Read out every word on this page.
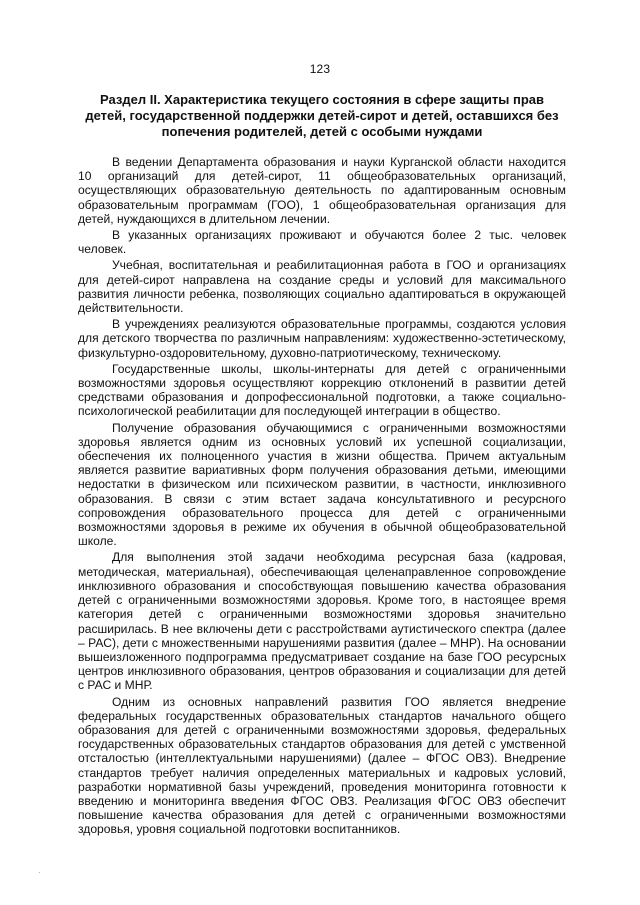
123
Раздел II. Характеристика текущего состояния в сфере защиты прав детей, государственной поддержки детей-сирот и детей, оставшихся без попечения родителей, детей с особыми нуждами

В ведении Департамента образования и науки Курганской области находится 10 организаций для детей-сирот, 11 общеобразовательных организаций, осуществляющих образовательную деятельность по адаптированным основным образовательным программам (ГОО), 1 общеобразовательная организация для детей, нуждающихся в длительном лечении.

В указанных организациях проживают и обучаются более 2 тыс. человек человек.

Учебная, воспитательная и реабилитационная работа в ГОО и организациях для детей-сирот направлена на создание среды и условий для максимального развития личности ребенка, позволяющих социально адаптироваться в окружающей действительности.

В учреждениях реализуются образовательные программы, создаются условия для детского творчества по различным направлениям: художественно-эстетическому, физкультурно-оздоровительному, духовно-патриотическому, техническому.

Государственные школы, школы-интернаты для детей с ограниченными возможностями здоровья осуществляют коррекцию отклонений в развитии детей средствами образования и допрофессиональной подготовки, а также социально-психологической реабилитации для последующей интеграции в общество.

Получение образования обучающимися с ограниченными возможностями здоровья является одним из основных условий их успешной социализации, обеспечения их полноценного участия в жизни общества. Причем актуальным является развитие вариативных форм получения образования детьми, имеющими недостатки в физическом или психическом развитии, в частности, инклюзивного образования. В связи с этим встает задача консультативного и ресурсного сопровождения образовательного процесса для детей с ограниченными возможностями здоровья в режиме их обучения в обычной общеобразовательной школе.

Для выполнения этой задачи необходима ресурсная база (кадровая, методическая, материальная), обеспечивающая целенаправленное сопровождение инклюзивного образования и способствующая повышению качества образования детей с ограниченными возможностями здоровья. Кроме того, в настоящее время категория детей с ограниченными возможностями здоровья значительно расширилась. В нее включены дети с расстройствами аутистического спектра (далее – РАС), дети с множественными нарушениями развития (далее – МНР). На основании вышеизложенного подпрограмма предусматривает создание на базе ГОО ресурсных центров инклюзивного образования, центров образования и социализации для детей с РАС и МНР.

Одним из основных направлений развития ГОО является внедрение федеральных государственных образовательных стандартов начального общего образования для детей с ограниченными возможностями здоровья, федеральных государственных образовательных стандартов образования для детей с умственной отсталостью (интеллектуальными нарушениями) (далее – ФГОС ОВЗ). Внедрение стандартов требует наличия определенных материальных и кадровых условий, разработки нормативной базы учреждений, проведения мониторинга готовности к введению и мониторинга введения ФГОС ОВЗ. Реализация ФГОС ОВЗ обеспечит повышение качества образования для детей с ограниченными возможностями здоровья, уровня социальной подготовки воспитанников.

·
